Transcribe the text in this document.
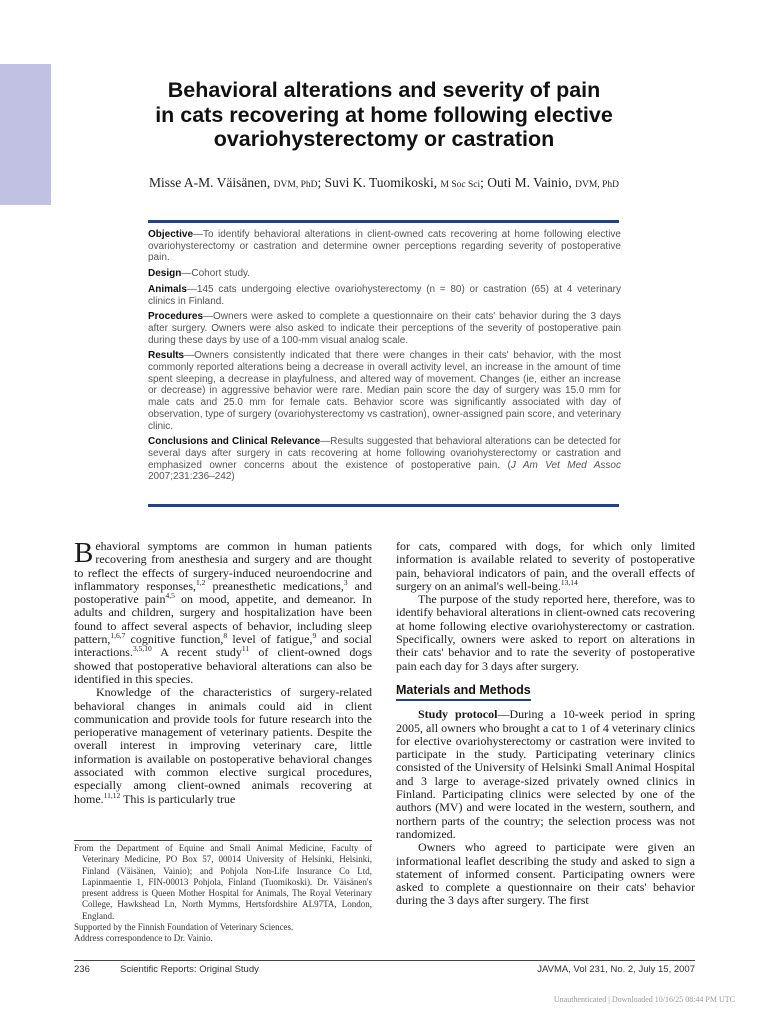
Behavioral alterations and severity of pain
in cats recovering at home following elective
ovariohysterectomy or castration
Misse A-M. Väisänen, DVM, PhD; Suvi K. Tuomikoski, M Soc Sci; Outi M. Vainio, DVM, PhD

Objective—To identify behavioral alterations in client-owned cats recovering at home following elective ovariohysterectomy or castration and determine owner perceptions regarding severity of postoperative pain.

Design—Cohort study.

Animals—145 cats undergoing elective ovariohysterectomy (n = 80) or castration (65) at 4 veterinary clinics in Finland.

Procedures—Owners were asked to complete a questionnaire on their cats' behavior during the 3 days after surgery. Owners were also asked to indicate their perceptions of the severity of postoperative pain during these days by use of a 100-mm visual analog scale.

Results—Owners consistently indicated that there were changes in their cats' behavior, with the most commonly reported alterations being a decrease in overall activity level, an increase in the amount of time spent sleeping, a decrease in playfulness, and altered way of movement. Changes (ie, either an increase or decrease) in aggressive behavior were rare. Median pain score the day of surgery was 15.0 mm for male cats and 25.0 mm for female cats. Behavior score was significantly associated with day of observation, type of surgery (ovariohysterectomy vs castration), owner-assigned pain score, and veterinary clinic.

Conclusions and Clinical Relevance—Results suggested that behavioral alterations can be detected for several days after surgery in cats recovering at home following ovariohysterectomy or castration and emphasized owner concerns about the existence of postoperative pain. (J Am Vet Med Assoc 2007;231:236–242)

Behavioral symptoms are common in human patients recovering from anesthesia and surgery and are thought to reflect the effects of surgery-induced neuroendocrine and inflammatory responses,$^{1,2}$ preanesthetic medications,$^3$ and postoperative pain$^{4,5}$ on mood, appetite, and demeanor. In adults and children, surgery and hospitalization have been found to affect several aspects of behavior, including sleep pattern,$^{1,6,7}$ cognitive function,$^8$ level of fatigue,$^9$ and social interactions.$^{3,5,10}$ A recent study$^{11}$ of client-owned dogs showed that postoperative behavioral alterations can also be identified in this species.

Knowledge of the characteristics of surgery-related behavioral changes in animals could aid in client communication and provide tools for future research into the perioperative management of veterinary patients. Despite the overall interest in improving veterinary care, little information is available on postoperative behavioral changes associated with common elective surgical procedures, especially among client-owned animals recovering at home.$^{11,12}$ This is particularly true

for cats, compared with dogs, for which only limited information is available related to severity of postoperative pain, behavioral indicators of pain, and the overall effects of surgery on an animal's well-being.$^{13,14}$

The purpose of the study reported here, therefore, was to identify behavioral alterations in client-owned cats recovering at home following elective ovariohysterectomy or castration. Specifically, owners were asked to report on alterations in their cats' behavior and to rate the severity of postoperative pain each day for 3 days after surgery.

Materials and Methods

Study protocol—During a 10-week period in spring 2005, all owners who brought a cat to 1 of 4 veterinary clinics for elective ovariohysterectomy or castration were invited to participate in the study. Participating veterinary clinics consisted of the University of Helsinki Small Animal Hospital and 3 large to average-sized privately owned clinics in Finland. Participating clinics were selected by one of the authors (MV) and were located in the western, southern, and northern parts of the country; the selection process was not randomized.

Owners who agreed to participate were given an informational leaflet describing the study and asked to sign a statement of informed consent. Participating owners were asked to complete a questionnaire on their cats' behavior during the 3 days after surgery. The first

From the Department of Equine and Small Animal Medicine, Faculty of Veterinary Medicine, PO Box 57, 00014 University of Helsinki, Helsinki, Finland (Väisänen, Vainio); and Pohjola Non-Life Insurance Co Ltd, Lapinmaentie 1, FIN-00013 Pohjola, Finland (Tuomikoski). Dr. Väisänen's present address is Queen Mother Hospital for Animals, The Royal Veterinary College, Hawkshead Ln, North Mymms, Hertsfordshire AL97TA, London, England.

Supported by the Finnish Foundation of Veterinary Sciences.

Address correspondence to Dr. Vainio.

236	Scientific Reports: Original Study	JAVMA, Vol 231, No. 2, July 15, 2007
Unauthenticated | Downloaded 10/16/25 08:44 PM UTC
